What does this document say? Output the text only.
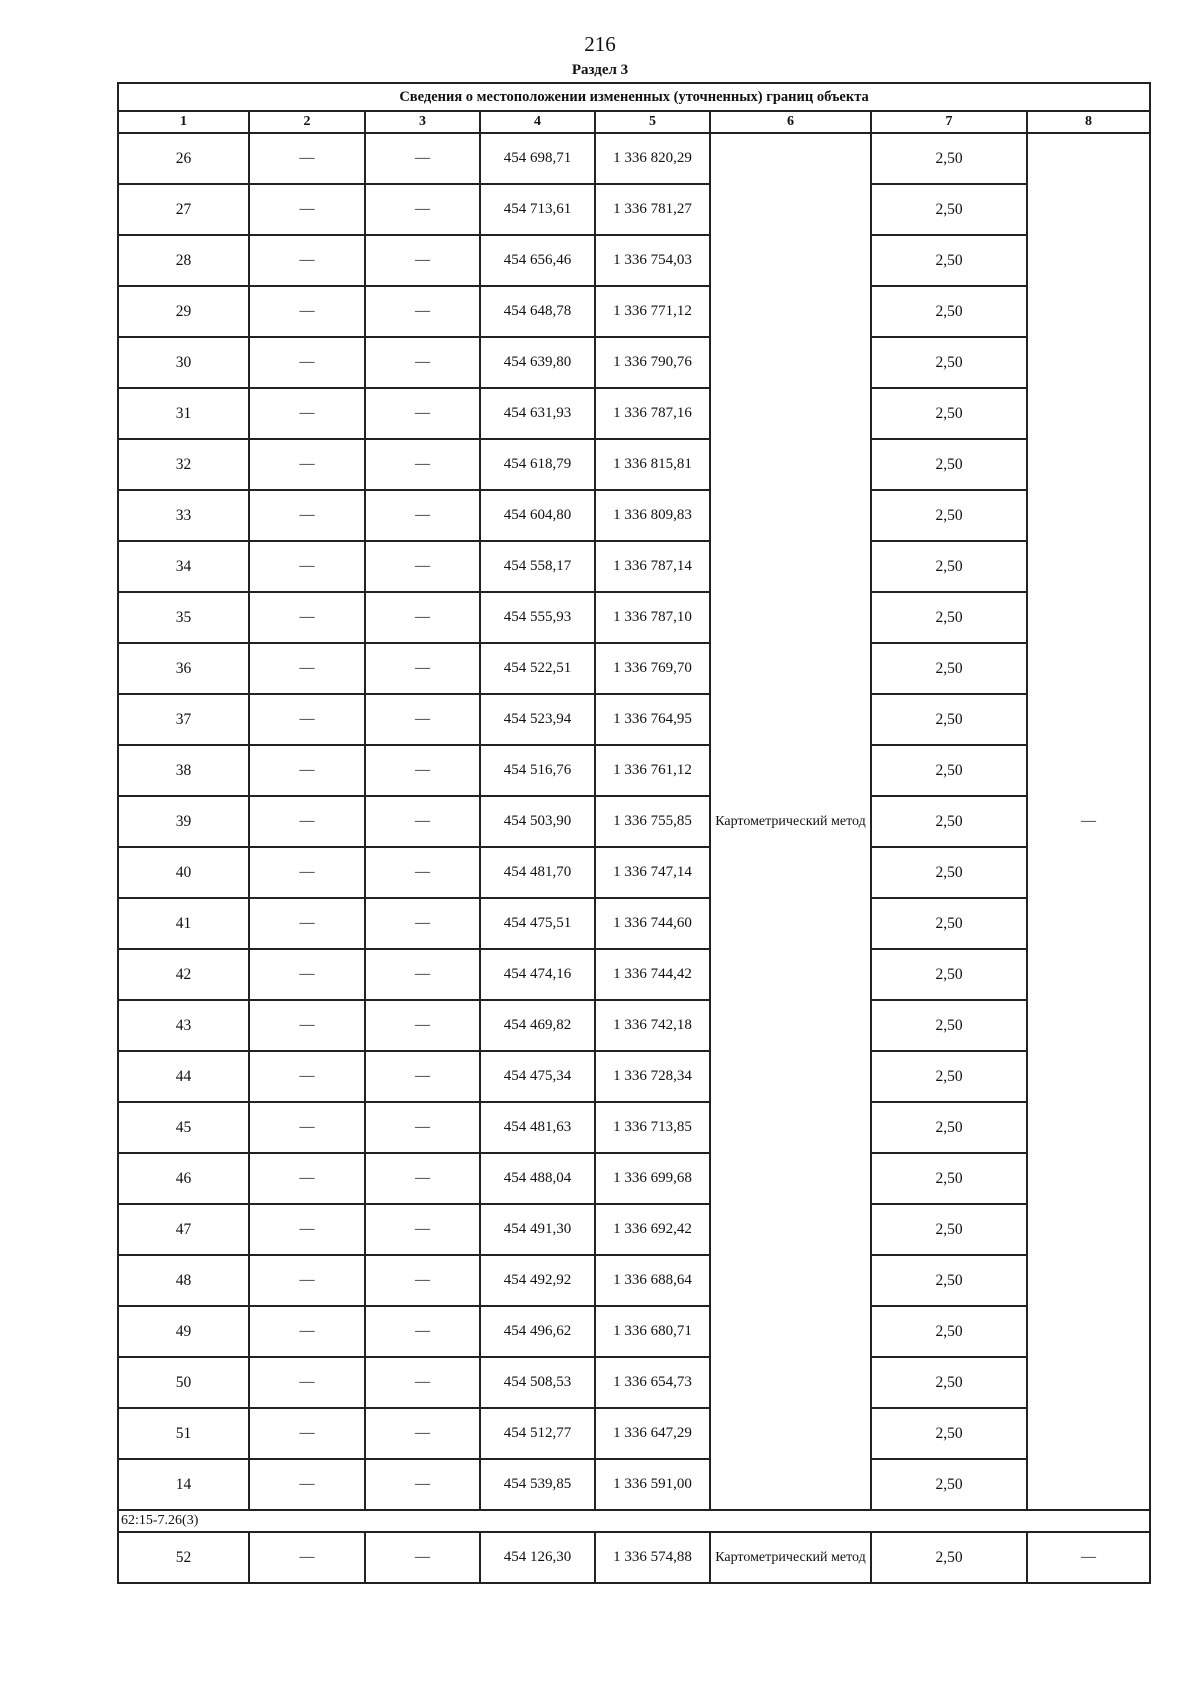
216
Раздел 3
Сведения о местоположении измененных (уточненных) границ объекта							
1	2	3	4	5	6	7	8
26	—	—	454 698,71	1 336 820,29	Картометрический метод	2,50	—
27	—	—	454 713,61	1 336 781,27		2,50	
28	—	—	454 656,46	1 336 754,03		2,50	
29	—	—	454 648,78	1 336 771,12		2,50	
30	—	—	454 639,80	1 336 790,76		2,50	
31	—	—	454 631,93	1 336 787,16		2,50	
32	—	—	454 618,79	1 336 815,81		2,50	
33	—	—	454 604,80	1 336 809,83		2,50	
34	—	—	454 558,17	1 336 787,14		2,50	
35	—	—	454 555,93	1 336 787,10		2,50	
36	—	—	454 522,51	1 336 769,70		2,50	
37	—	—	454 523,94	1 336 764,95		2,50	
38	—	—	454 516,76	1 336 761,12		2,50	
39	—	—	454 503,90	1 336 755,85		2,50	
40	—	—	454 481,70	1 336 747,14		2,50	
41	—	—	454 475,51	1 336 744,60		2,50	
42	—	—	454 474,16	1 336 744,42		2,50	
43	—	—	454 469,82	1 336 742,18		2,50	
44	—	—	454 475,34	1 336 728,34		2,50	
45	—	—	454 481,63	1 336 713,85		2,50	
46	—	—	454 488,04	1 336 699,68		2,50	
47	—	—	454 491,30	1 336 692,42		2,50	
48	—	—	454 492,92	1 336 688,64		2,50	
49	—	—	454 496,62	1 336 680,71		2,50	
50	—	—	454 508,53	1 336 654,73		2,50	
51	—	—	454 512,77	1 336 647,29		2,50	
14	—	—	454 539,85	1 336 591,00		2,50	
62:15-7.26(3)							
52	—	—	454 126,30	1 336 574,88	Картометрический метод	2,50	—
